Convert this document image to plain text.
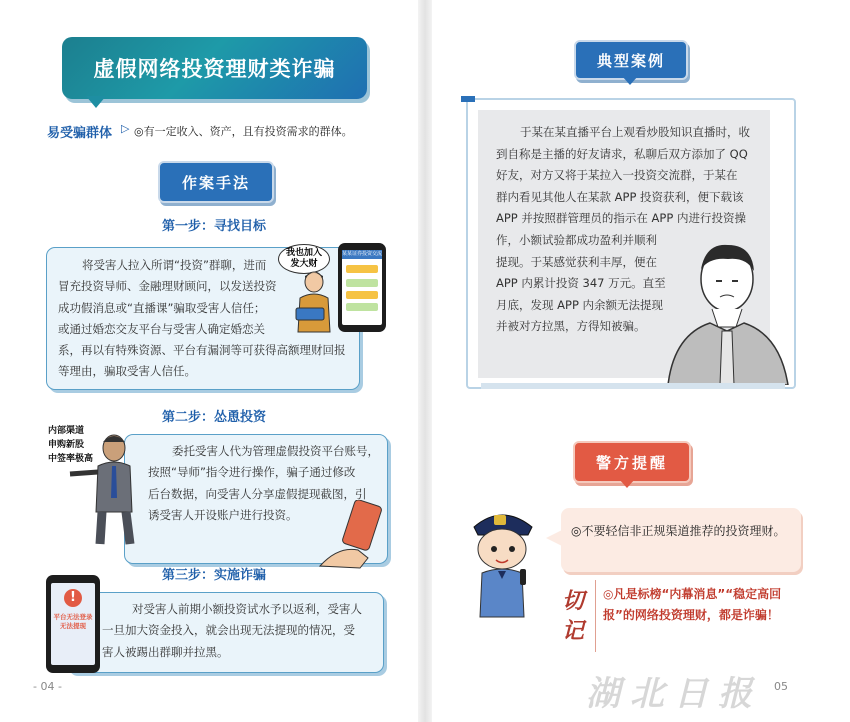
虚假网络投资理财类诈骗
易受骗群体 ▷ ◎有一定收入、资产，且有投资需求的群体。
作案手法
第一步：寻找目标
将受害人拉入所谓“投资”群聊，进而
冒充投资导师、金融理财顾问，以发送投资
成功假消息或“直播课”骗取受害人信任；
或通过婚恋交友平台与受害人确定婚恋关
系，再以有特殊资源、平台有漏洞等可获得高额理财回报
等理由，骗取受害人信任。
我也加入
发大财
某某证券投资交流群
第二步：怂恿投资
委托受害人代为管理虚假投资平台账号，
按照“导师”指令进行操作，骗子通过修改
后台数据，向受害人分享虚假提现截图，引
诱受害人开设账户进行投资。
内部渠道
申购新股
中签率极高
第三步：实施诈骗
对受害人前期小额投资试水予以返利，受害人
一旦加大资金投入，就会出现无法提现的情况，受
害人被踢出群聊并拉黑。
!
平台无法登录
无法提现
- 04 -
典型案例
于某在某直播平台上观看炒股知识直播时，收
到自称是主播的好友请求，私聊后双方添加了 QQ
好友，对方又将于某拉入一投资交流群，于某在
群内看见其他人在某款 APP 投资获利，便下载该
APP 并按照群管理员的指示在 APP 内进行投资操
作，小额试验都成功盈利并顺利
提现。于某感觉获利丰厚，便在
APP 内累计投资 347 万元。直至
月底，发现 APP 内余额无法提现
并被对方拉黑，方得知被骗。
警方提醒
◎不要轻信非正规渠道推荐的投资理财。
切记
◎凡是标榜“内幕消息”“稳定高回报”的网络投资理财，都是诈骗！
湖北日报	05
